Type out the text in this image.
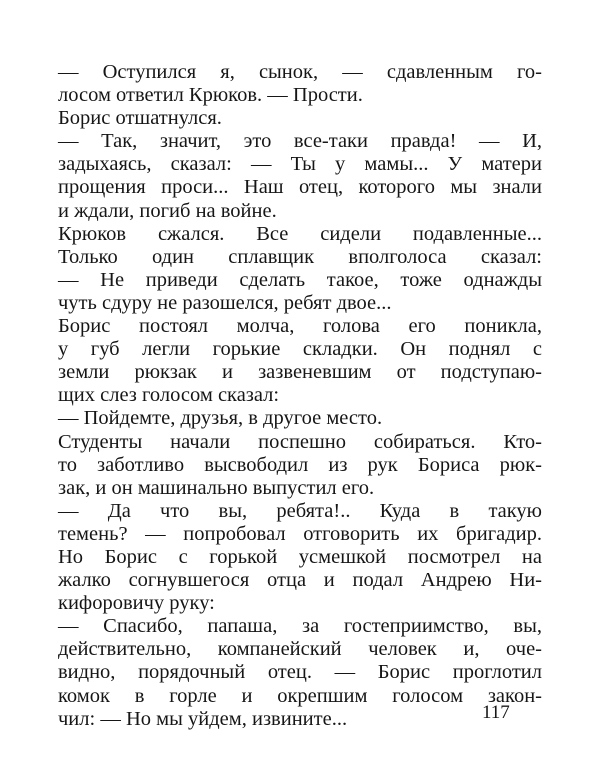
— Оступился я, сынок, — сдавленным го-
лосом ответил Крюков. — Прости.
Борис отшатнулся.
— Так, значит, это все-таки правда! — И,
задыхаясь, сказал: — Ты у мамы... У матери
прощения проси... Наш отец, которого мы знали
и ждали, погиб на войне.
Крюков сжался. Все сидели подавленные...
Только один сплавщик вполголоса сказал:
— Не приведи сделать такое, тоже однажды
чуть сдуру не разошелся, ребят двое...
Борис постоял молча, голова его поникла,
у губ легли горькие складки. Он поднял с
земли рюкзак и зазвеневшим от подступаю-
щих слез голосом сказал:
— Пойдемте, друзья, в другое место.
Студенты начали поспешно собираться. Кто-
то заботливо высвободил из рук Бориса рюк-
зак, и он машинально выпустил его.
— Да что вы, ребята!.. Куда в такую
темень? — попробовал отговорить их бригадир.
Но Борис с горькой усмешкой посмотрел на
жалко согнувшегося отца и подал Андрею Ни-
кифоровичу руку:
— Спасибо, папаша, за гостеприимство, вы,
действительно, компанейский человек и, оче-
видно, порядочный отец. — Борис проглотил
комок в горле и окрепшим голосом закон-
чил: — Но мы уйдем, извините...	117
